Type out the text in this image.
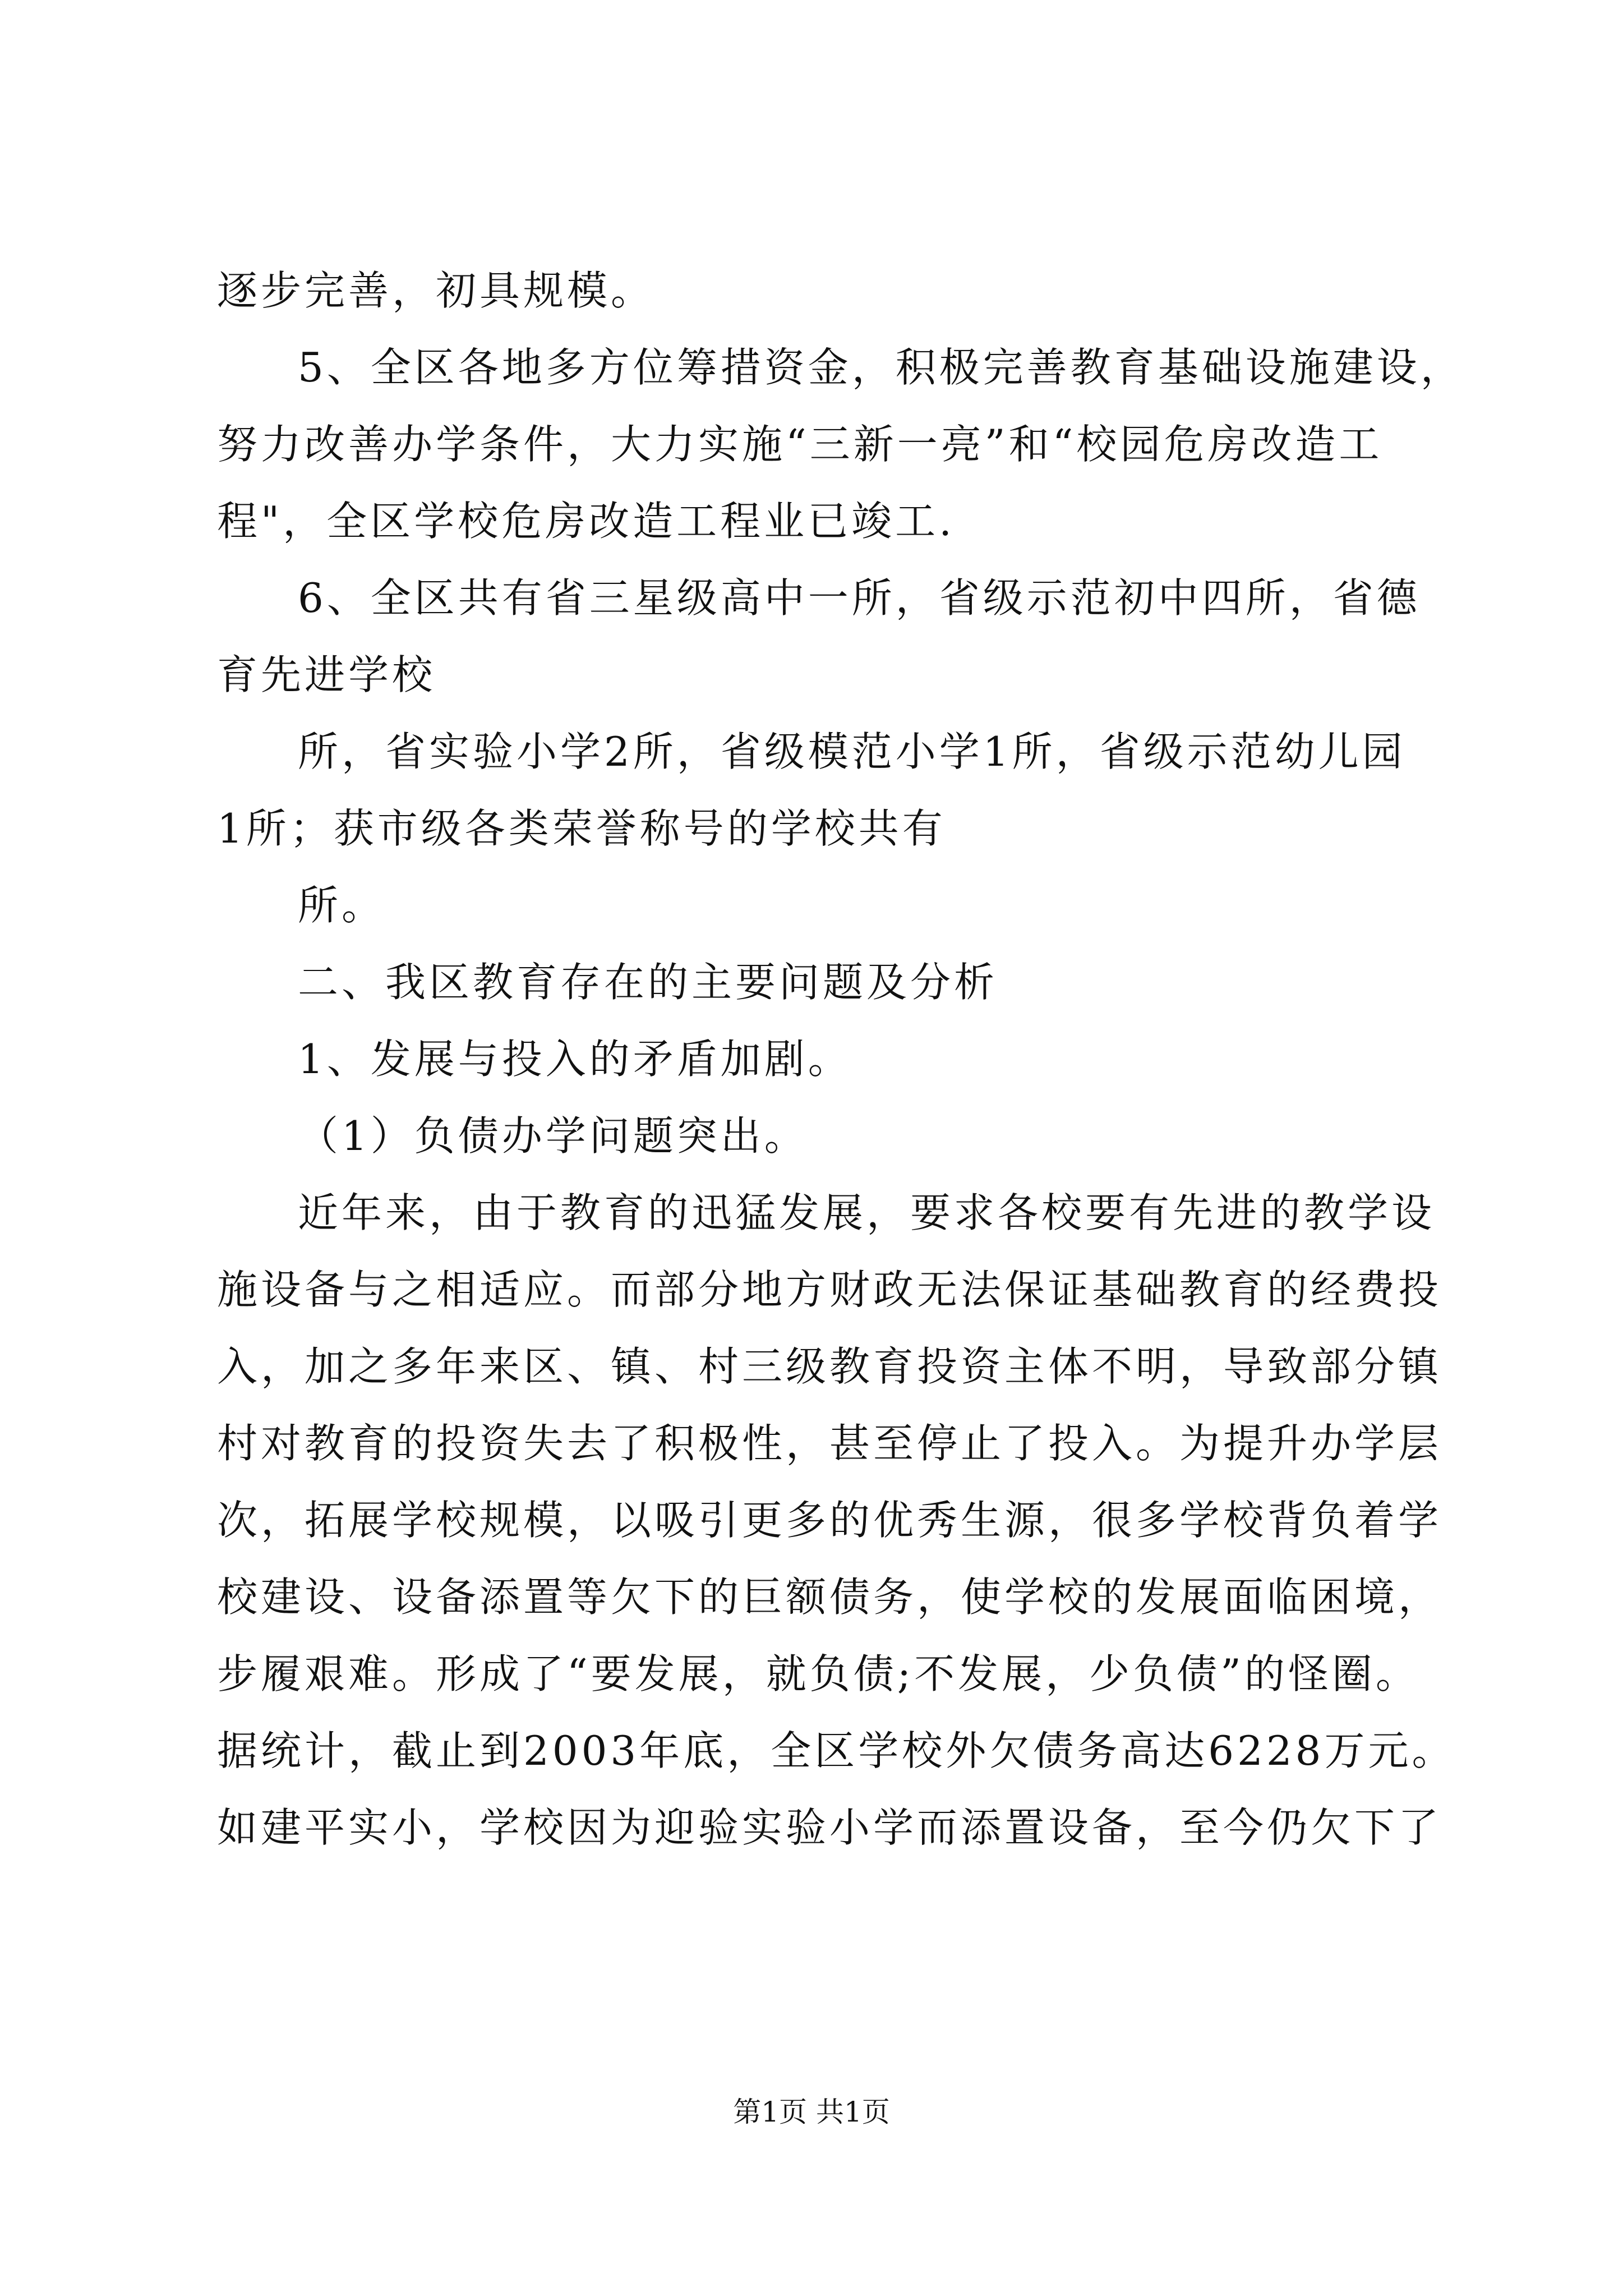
逐步完善，初具规模。
5、全区各地多方位筹措资金，积极完善教育基础设施建设，
努力改善办学条件，大力实施“三新一亮”和“校园危房改造工
程"，全区学校危房改造工程业已竣工.
6、全区共有省三星级高中一所，省级示范初中四所，省德
育先进学校
所，省实验小学2所，省级模范小学1所，省级示范幼儿园
1所；获市级各类荣誉称号的学校共有
所。
二、我区教育存在的主要问题及分析
1、发展与投入的矛盾加剧。
（1）负债办学问题突出。
近年来，由于教育的迅猛发展，要求各校要有先进的教学设
施设备与之相适应。而部分地方财政无法保证基础教育的经费投
入，加之多年来区、镇、村三级教育投资主体不明，导致部分镇
村对教育的投资失去了积极性，甚至停止了投入。为提升办学层
次，拓展学校规模，以吸引更多的优秀生源，很多学校背负着学
校建设、设备添置等欠下的巨额债务，使学校的发展面临困境，
步履艰难。形成了“要发展，就负债;不发展，少负债”的怪圈。
据统计，截止到2003年底，全区学校外欠债务高达6228万元。
如建平实小，学校因为迎验实验小学而添置设备，至今仍欠下了
第1页 共1页
